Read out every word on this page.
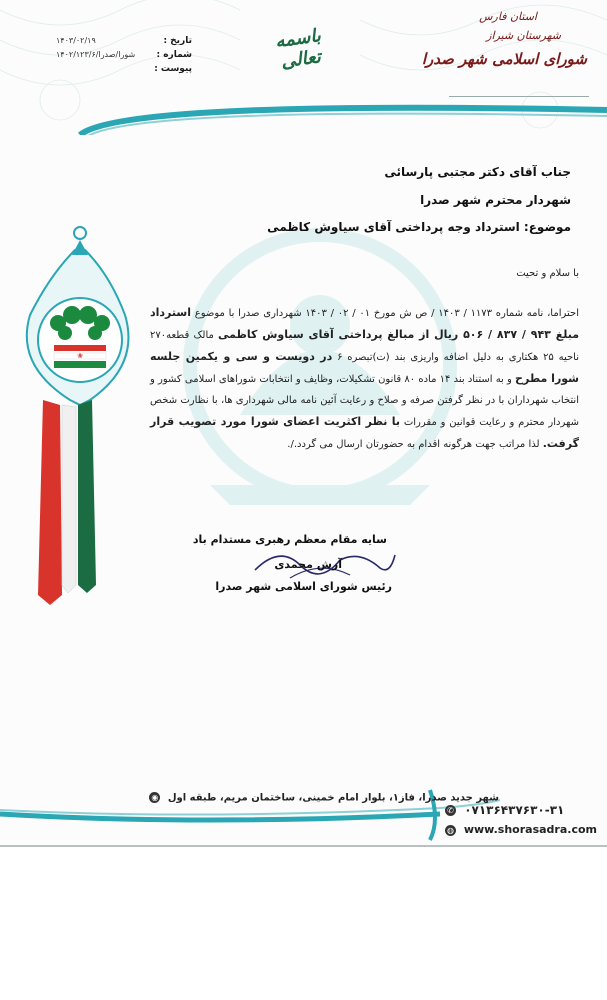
تاریخ :
۱۴۰۳/۰۲/۱۹
شماره :
۱۴۰۲/۱۲۳/۶/شورا/صدرا
پیوست :
باسمه تعالی
استان فارس
شهرستان شیراز
شورای اسلامی شهر صدرا
❀
جناب آقای دکتر مجتبی پارسائی
شهردار محترم شهر صدرا
موضوع: استرداد وجه پرداختی آقای سیاوش کاظمی
با سلام و تحیت
احتراما، نامه شماره ۱۱۷۳ / ۱۴۰۳ / ص ش مورخ ۰۱ / ۰۲ / ۱۴۰۳ شهرداری صدرا با موضوع استرداد مبلغ ۹۴۳ / ۸۳۷ / ۵۰۶ ریال از مبالغ پرداختی آقای سیاوش کاظمی مالک قطعه۲۷۰ ناحیه ۲۵ هکتاری به دلیل اضافه واریزی بند (ت)تبصره ۶ در دویست و سی و یکمین جلسه شورا مطرح و به استناد بند ۱۴ ماده ۸۰ قانون تشکیلات، وظایف و انتخابات شوراهای اسلامی کشور و انتخاب شهرداران با در نظر گرفتن صرفه و صلاح و رعایت آئین نامه مالی شهرداری ها، با نظارت شخص شهردار محترم و رعایت قوانین و مقررات با نظر اکثریت اعضای شورا مورد تصویب قرار گرفت. لذا مراتب جهت هرگونه اقدام به حضورتان ارسال می گردد./.
سایه مقام معظم رهبری مستدام باد
آرش محمدی
رئیس شورای اسلامی شهر صدرا
شهر جدید صدرا، فاز۱، بلوار امام خمینی، ساختمان مریم، طبقه اول ◉
✆ ۰۷۱۳۶۴۳۷۶۳۰-۳۱
◍ www.shorasadra.com
